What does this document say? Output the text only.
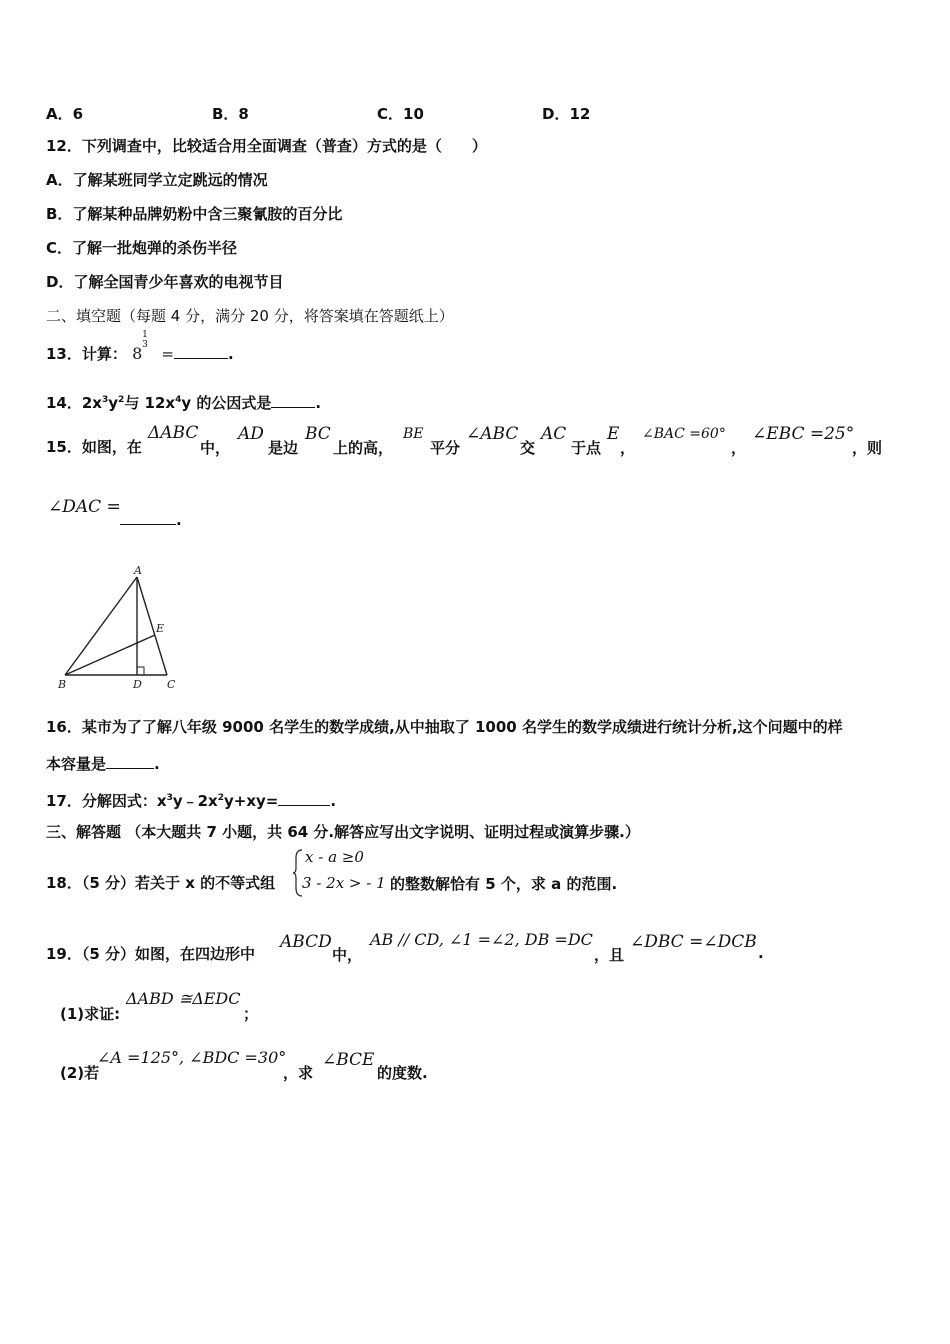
A．6	B．8	C．10	D．12
12．下列调查中，比较适合用全面调查（普查）方式的是（　　）
A．了解某班同学立定跳远的情况
B．了解某种品牌奶粉中含三聚氰胺的百分比
C．了解一批炮弹的杀伤半径
D．了解全国青少年喜欢的电视节目
二、填空题（每题 4 分，满分 20 分，将答案填在答题纸上）
13．计算： 8
1
3 =	.
14．$2x^3y^2$与 $12x^4y$ 的公因式是	.
15．如图，在
ΔABC
中，
AD
是边
BC
上的高，
BE
平分
∠ABC
交
AC
于点
E
，
∠BAC =60°
，
∠EBC =25°
，则
∠DAC =
.
A
B	D C
E
16．某市为了了解八年级 9000 名学生的数学成绩,从中抽取了 1000 名学生的数学成绩进行统计分析,这个问题中的样
本容量是	.
17．分解因式：$x^3y﹣2x^2y+xy=$	.
三、解答题 （本大题共 7 小题，共 64 分.解答应写出文字说明、证明过程或演算步骤.）
18．（5 分）若关于 x 的不等式组
x - a ≥0
3 - 2x > - 1 的整数解恰有 5 个，求 a 的范围.
19．（5 分）如图，在四边形中
ABCD
中，
AB // CD, ∠1 =∠2, DB =DC
，且
∠DBC =∠DCB
.
(1)求证:
ΔABD ≅ΔEDC
；
(2)若
∠A =125°, ∠BDC =30°
，求
∠BCE
的度数.
